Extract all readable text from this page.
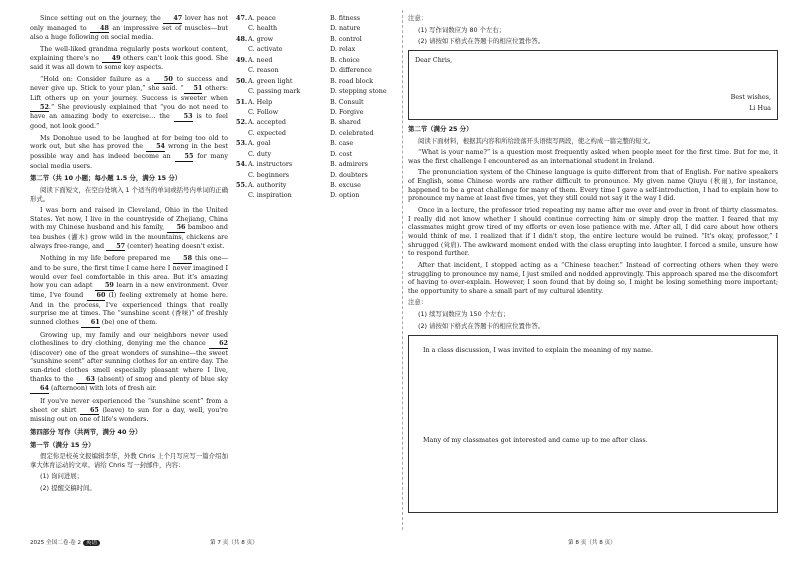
Since setting out on the journey, the 47 lover has not only managed to 48 an impressive set of muscles—but also a huge following on social media.

The well-liked grandma regularly posts workout content, explaining there's no 49 others can't look this good. She said it was all down to some key aspects.

“Hold on: Consider failure as a 50 to success and never give up. Stick to your plan,” she said. “ 51 others: Lift others up on your journey. Success is sweeter when 52.” She previously explained that “you do not need to have an amazing body to exercise… the 53 is to feel good, not look good.”

Ms Donohue used to be laughed at for being too old to work out, but she has proved the 54 wrong in the best possible way and has indeed become an 55 for many social media users.

第二节（共 10 小题；每小题 1.5 分，满分 15 分）

阅读下面短文，在空白处填入 1 个适当的单词或括号内单词的正确形式。

I was born and raised in Cleveland, Ohio in the United States. Yet now, I live in the countryside of Zhejiang, China with my Chinese husband and his family, 56 bamboo and tea bushes (灌木) grow wild in the mountains, chickens are always free-range, and 57 (center) heating doesn't exist.

Nothing in my life before prepared me 58 this one—and to be sure, the first time I came here I never imagined I would ever feel comfortable in this area. But it's amazing how you can adapt 59 learn in a new environment. Over time, I've found 60 (I) feeling extremely at home here. And in the process, I've experienced things that really surprise me at times. The “sunshine scent (香味)” of freshly sunned clothes 61 (be) one of them.

Growing up, my family and our neighbors never used clotheslines to dry clothing, denying me the chance 62 (discover) one of the great wonders of sunshine—the sweet “sunshine scent” after sunning clothes for an entire day. The sun-dried clothes smell especially pleasant where I live, thanks to the 63 (absent) of smog and plenty of blue sky 64 (afternoon) with lots of fresh air.

If you've never experienced the “sunshine scent” from a sheet or shirt 65 (leave) to sun for a day, well, you're missing out on one of life's wonders.

第四部分 写作（共两节，满分 40 分）
第一节（满分 15 分）

假定你是校英文报编辑李华，外教 Chris 上个月写应写一篇介绍加拿大体育运动的文章。请给 Chris 写一封邮件，内容：

(1) 询问进展；

(2) 提醒交稿时间。

47. A. peace	B. fitness
C. health	D. nature
48. A. grow	B. control
C. activate	D. relax
49. A. need	B. choice
C. reason	D. difference
50. A. green light	B. road block
C. passing mark	D. stepping stone
51. A. Help	B. Consult
C. Follow	D. Forgive
52. A. accepted	B. shared
C. expected	D. celebrated
53. A. goal	B. case
C. duty	D. cost
54. A. instructors	B. admirers
C. beginners	D. doubters
55. A. authority	B. excuse
C. inspiration	D. option

注意：

(1) 写作词数应为 80 个左右；

(2) 请按如下格式在答题卡的相应位置作答。

Dear Chris,
Best wishes,
Li Hua
第二节（满分 25 分）

阅读下面材料，根据其内容和所给段落开头语续写两段，使之构成一篇完整的短文。

“What is your name?” is a question most frequently asked when people meet for the first time. But for me, it was the first challenge I encountered as an international student in Ireland.

The pronunciation system of the Chinese language is quite different from that of English. For native speakers of English, some Chinese words are rather difficult to pronounce. My given name Qiuyu (秋雨), for instance, happened to be a great challenge for many of them. Every time I gave a self-introduction, I had to explain how to pronounce my name at least five times, yet they still could not say it the way I did.

Once in a lecture, the professor tried repeating my name after me over and over in front of thirty classmates. I really did not know whether I should continue correcting him or simply drop the matter. I feared that my classmates might grow tired of my efforts or even lose patience with me. After all, I did care about how others would think of me. I realized that if I didn't stop, the entire lecture would be ruined. “It's okay, professor,” I shrugged (耸肩). The awkward moment ended with the class erupting into laughter. I forced a smile, unsure how to respond further.

After that incident, I stopped acting as a “Chinese teacher.” Instead of correcting others when they were struggling to pronounce my name, I just smiled and nodded approvingly. This approach spared me the discomfort of having to over-explain. However, I soon found that by doing so, I might be losing something more important; the opportunity to share a small part of my cultural identity.

注意：

(1) 续写词数应为 150 个左右；

(2) 请按如下格式在答题卡的相应位置作答。

In a class discussion, I was invited to explain the meaning of my name.
Many of my classmates got interested and came up to me after class.
2025 全国二卷·卷 2 英语	第 7 页（共 8 页）	第 8 页（共 8 页）
